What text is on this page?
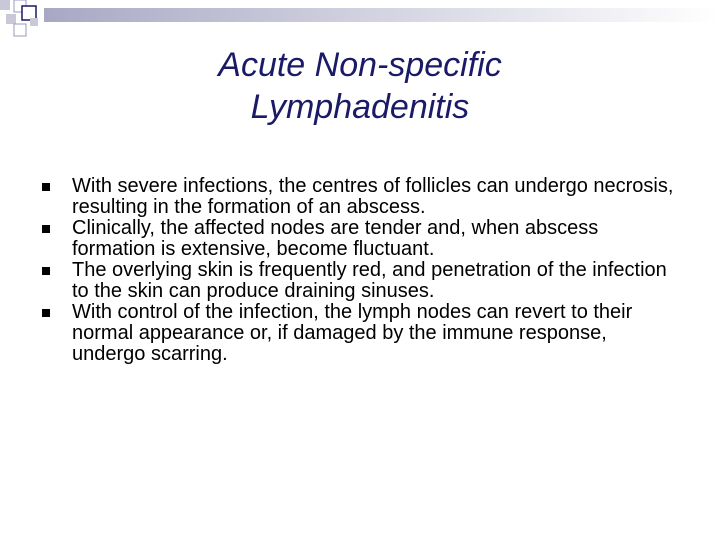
Acute Non-specific
Lymphadenitis
With severe infections, the centres of follicles can undergo necrosis, resulting in the formation of an abscess.
Clinically, the affected nodes are tender and, when abscess formation is extensive, become fluctuant.
The overlying skin is frequently red, and penetration of the infection to the skin can produce draining sinuses.
With control of the infection, the lymph nodes can revert to their normal appearance or, if damaged by the immune response, undergo scarring.
